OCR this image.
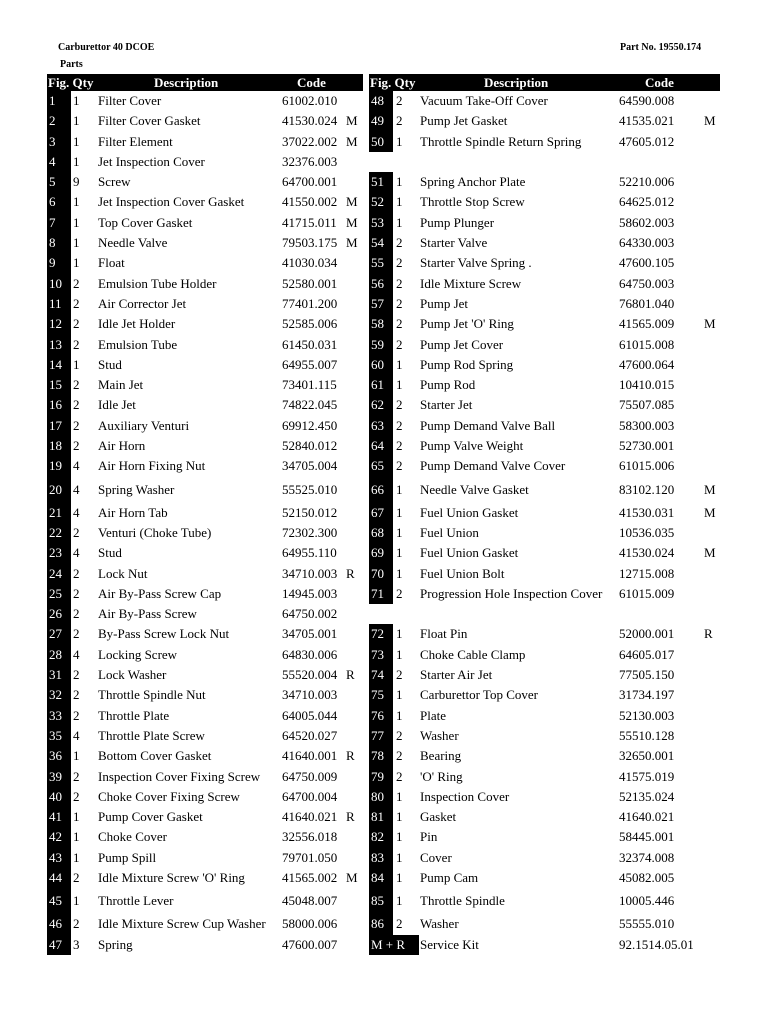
Carburettor 40 DCOE	Part No. 19550.174
Parts
Fig. Qty	Description	Code	Fig. Qty	Description	Code
1	1 Filter Cover	61002.010
2	1 Filter Cover Gasket	41530.024 M
3	1 Filter Element	37022.002 M
4	1 Jet Inspection Cover	32376.003
5	9 Screw	64700.001
6	1 Jet Inspection Cover Gasket	41550.002 M
7	1 Top Cover Gasket	41715.011 M
8	1 Needle Valve	79503.175 M
9	1 Float	41030.034
10 2 Emulsion Tube Holder	52580.001
11 2 Air Corrector Jet	77401.200
12 2 Idle Jet Holder	52585.006
13 2 Emulsion Tube	61450.031
14 1 Stud	64955.007
15 2 Main Jet	73401.115
16 2 Idle Jet	74822.045
17 2 Auxiliary Venturi	69912.450
18 2 Air Horn	52840.012
19 4 Air Horn Fixing Nut	34705.004
20 4 Spring Washer	55525.010
21 4 Air Horn Tab	52150.012
22 2 Venturi (Choke Tube)	72302.300
23 4 Stud	64955.110
24 2 Lock Nut	34710.003 R
25 2 Air By-Pass Screw Cap	14945.003
26 2 Air By-Pass Screw	64750.002
27 2 By-Pass Screw Lock Nut	34705.001
28 4 Locking Screw	64830.006
31 2 Lock Washer	55520.004 R
32 2 Throttle Spindle Nut	34710.003
33 2 Throttle Plate	64005.044
35 4 Throttle Plate Screw	64520.027
36 1 Bottom Cover Gasket	41640.001 R
39 2 Inspection Cover Fixing Screw 64750.009
40 2 Choke Cover Fixing Screw	64700.004
41 1 Pump Cover Gasket	41640.021 R
42 1 Choke Cover	32556.018
43 1 Pump Spill	79701.050
44 2 Idle Mixture Screw 'O' Ring	41565.002 M
45 1 Throttle Lever	45048.007
46 2 Idle Mixture Screw Cup Washer 58000.006
47 3 Spring	47600.007
48 2 Vacuum Take-Off Cover	64590.008
49 2 Pump Jet Gasket	41535.021 M
50 1 Throttle Spindle Return Spring	47605.012
51 1 Spring Anchor Plate	52210.006
52 1 Throttle Stop Screw	64625.012
53 1 Pump Plunger	58602.003
54 2 Starter Valve	64330.003
55 2 Starter Valve Spring .	47600.105
56 2 Idle Mixture Screw	64750.003
57 2 Pump Jet	76801.040
58 2 Pump Jet 'O' Ring	41565.009 M
59 2 Pump Jet Cover	61015.008
60 1 Pump Rod Spring	47600.064
61 1 Pump Rod	10410.015
62 2 Starter Jet	75507.085
63 2 Pump Demand Valve Ball	58300.003
64 2 Pump Valve Weight	52730.001
65 2 Pump Demand Valve Cover	61015.006
66 1 Needle Valve Gasket	83102.120 M
67 1 Fuel Union Gasket	41530.031 M
68 1 Fuel Union	10536.035
69 1 Fuel Union Gasket	41530.024 M
70 1 Fuel Union Bolt	12715.008
71 2 Progression Hole Inspection Cover 61015.009
72 1 Float Pin	52000.001 R
73 1 Choke Cable Clamp	64605.017
74 2 Starter Air Jet	77505.150
75 1 Carburettor Top Cover	31734.197
76 1 Plate	52130.003
77 2 Washer	55510.128
78 2 Bearing	32650.001
79 2 'O' Ring	41575.019
80 1 Inspection Cover	52135.024
81 1 Gasket	41640.021
82 1 Pin	58445.001
83 1 Cover	32374.008
84 1 Pump Cam	45082.005
85 1 Throttle Spindle	10005.446
86 2 Washer	55555.010
M + R	Service Kit	92.1514.05.01
